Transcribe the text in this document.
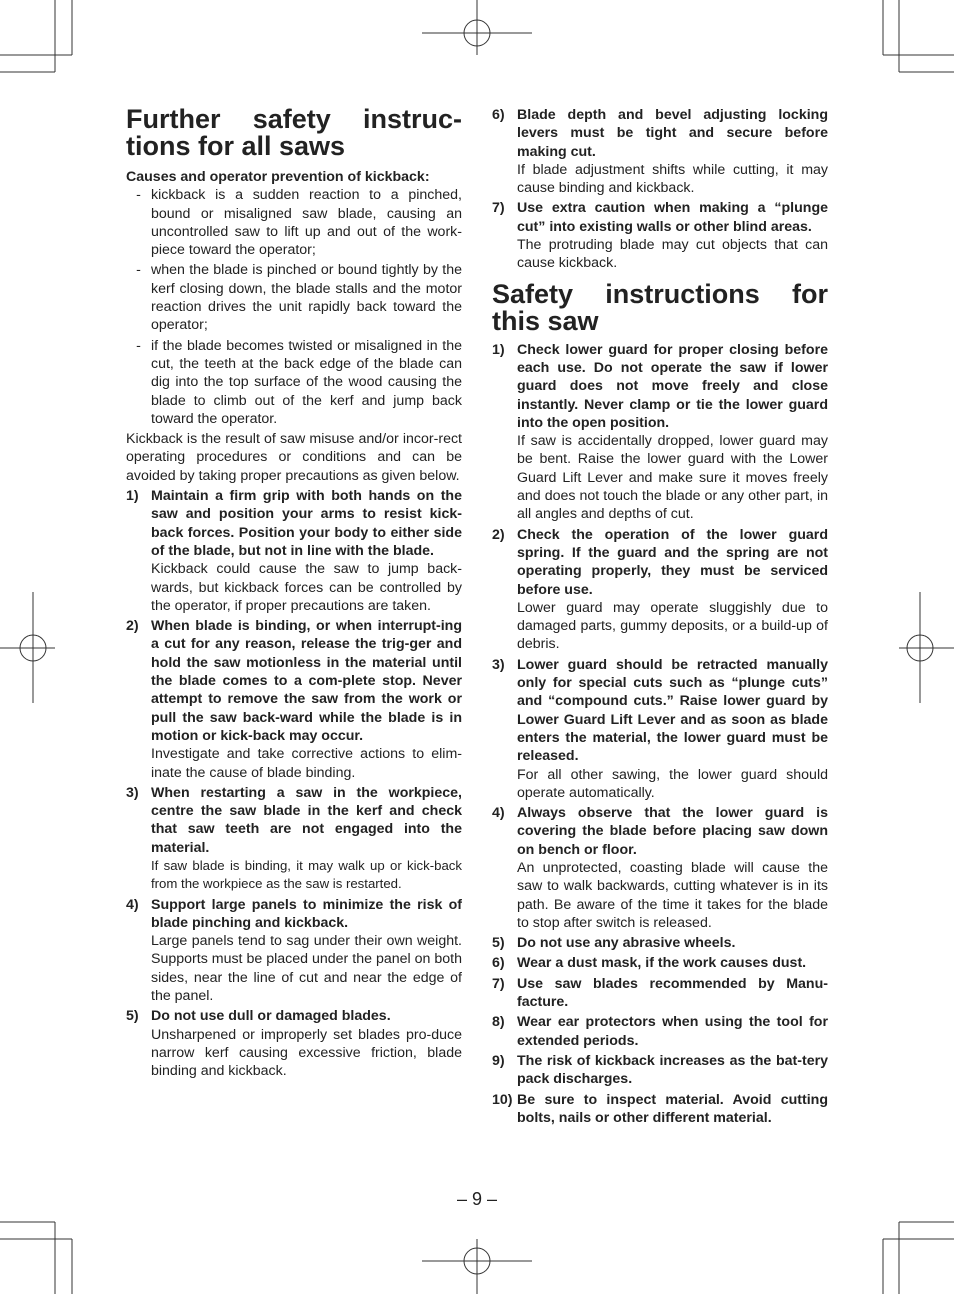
Further safety instruc-
tions for all saws

Causes and operator prevention of kickback:

- kickback is a sudden reaction to a pinched, bound or misaligned saw blade, causing an uncontrolled saw to lift up and out of the work-piece toward the operator;
- when the blade is pinched or bound tightly by the kerf closing down, the blade stalls and the motor reaction drives the unit rapidly back toward the operator;
- if the blade becomes twisted or misaligned in the cut, the teeth at the back edge of the blade can dig into the top surface of the wood causing the blade to climb out of the kerf and jump back toward the operator.

Kickback is the result of saw misuse and/or incor-rect operating procedures or conditions and can be avoided by taking proper precautions as given below.

1) Maintain a firm grip with both hands on the saw and position your arms to resist kick-back forces. Position your body to either side of the blade, but not in line with the blade.
Kickback could cause the saw to jump back-wards, but kickback forces can be controlled by the operator, if proper precautions are taken.
2) When blade is binding, or when interrupt-ing a cut for any reason, release the trig-ger and hold the saw motionless in the material until the blade comes to a com-plete stop. Never attempt to remove the saw from the work or pull the saw back-ward while the blade is in motion or kick-back may occur.
Investigate and take corrective actions to elim-inate the cause of blade binding.
3) When restarting a saw in the workpiece, centre the saw blade in the kerf and check that saw teeth are not engaged into the material.
If saw blade is binding, it may walk up or kick-back from the workpiece as the saw is restarted.
4) Support large panels to minimize the risk of blade pinching and kickback.
Large panels tend to sag under their own weight. Supports must be placed under the panel on both sides, near the line of cut and near the edge of the panel.
5) Do not use dull or damaged blades.
Unsharpened or improperly set blades pro-duce narrow kerf causing excessive friction, blade binding and kickback.
6) Blade depth and bevel adjusting locking levers must be tight and secure before making cut.
If blade adjustment shifts while cutting, it may cause binding and kickback.
7) Use extra caution when making a “plunge cut” into existing walls or other blind areas.
The protruding blade may cut objects that can cause kickback.
Safety instructions for
this saw
1) Check lower guard for proper closing before each use. Do not operate the saw if lower guard does not move freely and close instantly. Never clamp or tie the lower guard into the open position.
If saw is accidentally dropped, lower guard may be bent. Raise the lower guard with the Lower Guard Lift Lever and make sure it moves freely and does not touch the blade or any other part, in all angles and depths of cut.
2) Check the operation of the lower guard spring. If the guard and the spring are not operating properly, they must be serviced before use.
Lower guard may operate sluggishly due to damaged parts, gummy deposits, or a build-up of debris.
3) Lower guard should be retracted manually only for special cuts such as “plunge cuts” and “compound cuts.” Raise lower guard by Lower Guard Lift Lever and as soon as blade enters the material, the lower guard must be released.
For all other sawing, the lower guard should operate automatically.
4) Always observe that the lower guard is covering the blade before placing saw down on bench or floor.
An unprotected, coasting blade will cause the saw to walk backwards, cutting whatever is in its path. Be aware of the time it takes for the blade to stop after switch is released.
5) Do not use any abrasive wheels.
6) Wear a dust mask, if the work causes dust.
7) Use saw blades recommended by Manu-facture.
8) Wear ear protectors when using the tool for extended periods.
9) The risk of kickback increases as the bat-tery pack discharges.
10) Be sure to inspect material. Avoid cutting bolts, nails or other different material.
– 9 –
